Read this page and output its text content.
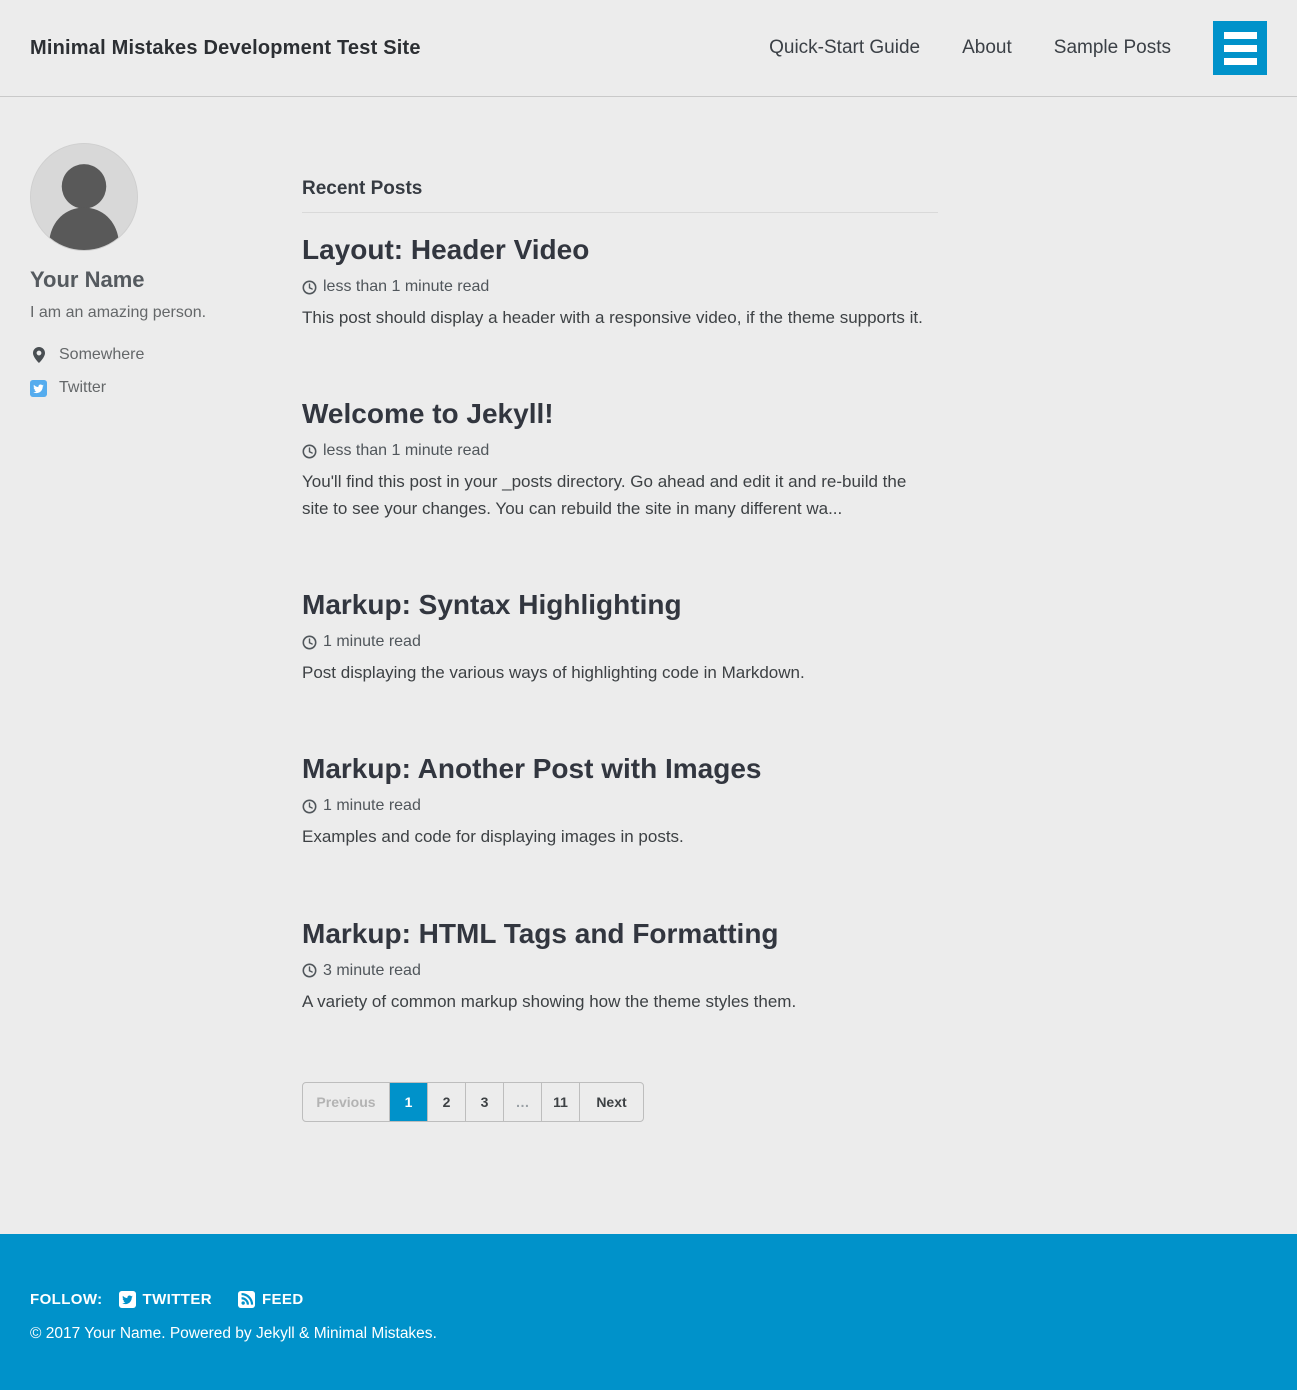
Minimal Mistakes Development Test Site	Quick-Start Guide About Sample Posts
Your Name

I am an amazing person.

Somewhere
Twitter
Recent Posts
Layout: Header Video

less than 1 minute read

This post should display a header with a responsive video, if the theme supports it.

Welcome to Jekyll!

less than 1 minute read

You'll find this post in your _posts directory. Go ahead and edit it and re-build the site to see your changes. You can rebuild the site in many different wa...

Markup: Syntax Highlighting

1 minute read

Post displaying the various ways of highlighting code in Markdown.

Markup: Another Post with Images

1 minute read

Examples and code for displaying images in posts.

Markup: HTML Tags and Formatting

3 minute read

A variety of common markup showing how the theme styles them.

Previous	1	2	3	…	11	Next
FOLLOW:	TWITTER	FEED
© 2017 Your Name. Powered by Jekyll & Minimal Mistakes.
